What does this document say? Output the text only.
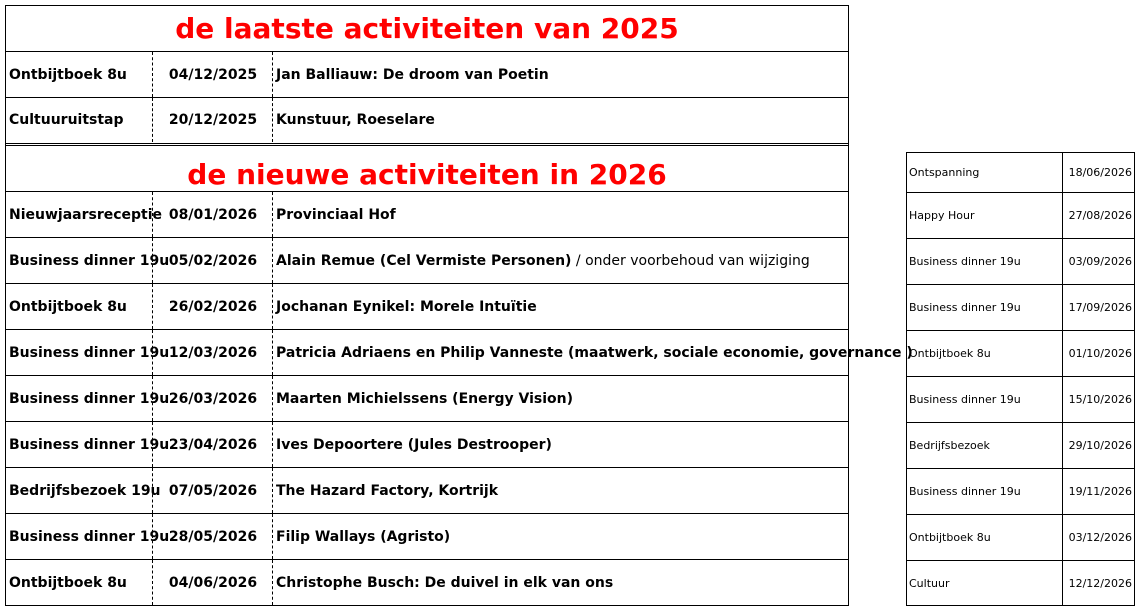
de laatste activiteiten van 2025
Ontbijtboek 8u	04/12/2025	Jan Balliauw: De droom van Poetin
Cultuuruitstap	20/12/2025	Kunstuur, Roeselare
de nieuwe activiteiten in 2026
Nieuwjaarsreceptie 08/01/2026	Provinciaal Hof
Business dinner 19u 05/02/2026	Alain Remue (Cel Vermiste Personen) / onder voorbehoud van wijziging
Ontbijtboek 8u	26/02/2026	Jochanan Eynikel: Morele Intuïtie
Business dinner 19u 12/03/2026	Patricia Adriaens en Philip Vanneste (maatwerk, sociale economie, governance )
Business dinner 19u 26/03/2026	Maarten Michielssens (Energy Vision)
Business dinner 19u 23/04/2026	Ives Depoortere (Jules Destrooper)
Bedrijfsbezoek 19u 07/05/2026	The Hazard Factory, Kortrijk
Business dinner 19u 28/05/2026	Filip Wallays (Agristo)
Ontbijtboek 8u	04/06/2026	Christophe Busch: De duivel in elk van ons
Ontspanning	18/06/2026
Happy Hour	27/08/2026
Business dinner 19u	03/09/2026
Business dinner 19u	17/09/2026
Ontbijtboek 8u	01/10/2026
Business dinner 19u	15/10/2026
Bedrijfsbezoek	29/10/2026
Business dinner 19u	19/11/2026
Ontbijtboek 8u	03/12/2026
Cultuur	12/12/2026
